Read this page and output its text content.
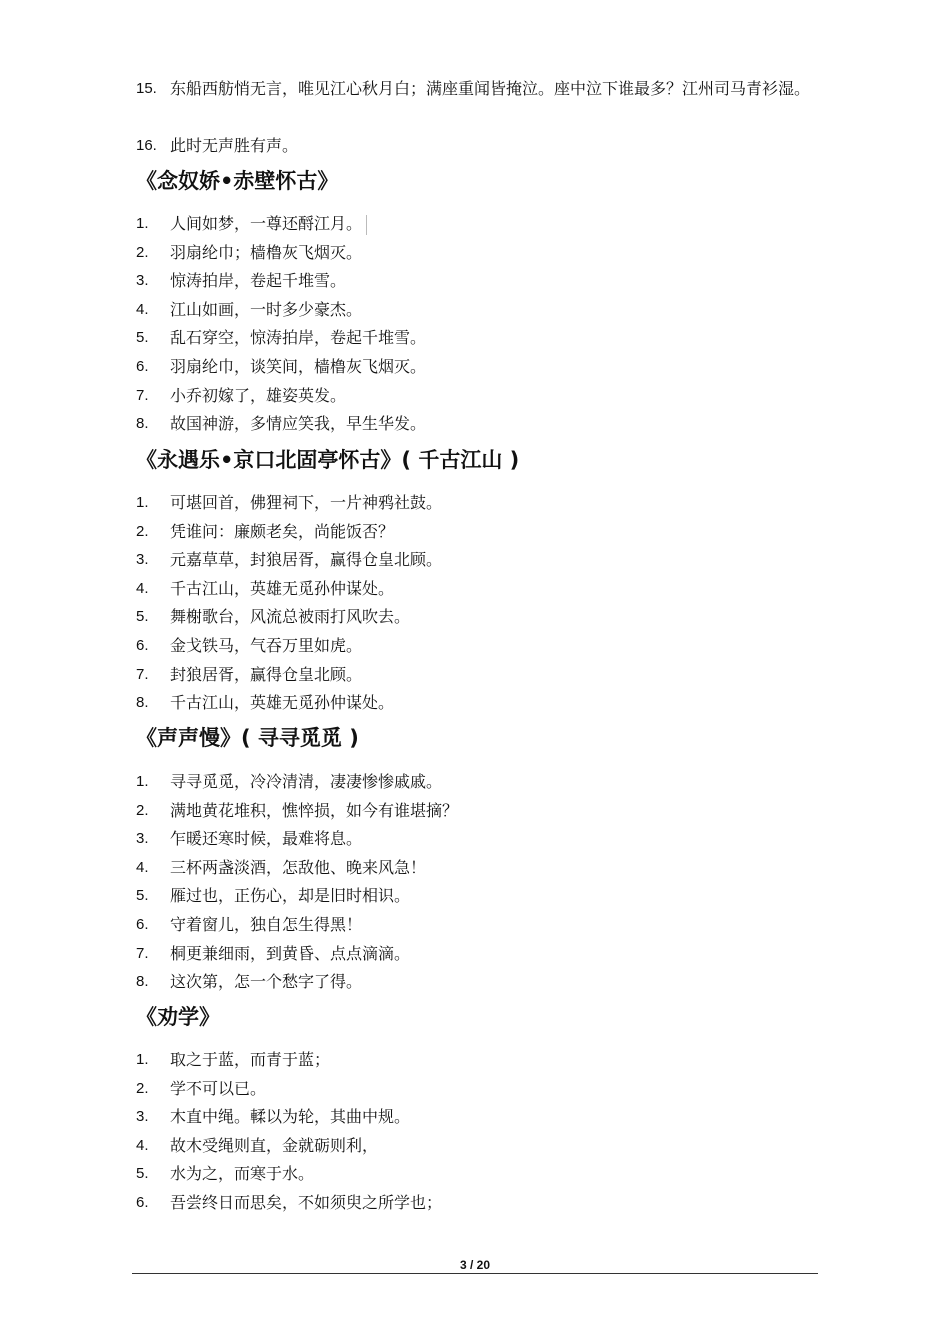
15. 东船西舫悄无言，唯见江心秋月白；满座重闻皆掩泣。座中泣下谁最多？江州司马青衫湿。
16. 此时无声胜有声。
《念奴娇•赤壁怀古》
1. 人间如梦，一尊还酹江月。
2. 羽扇纶巾；樯橹灰飞烟灭。
3. 惊涛拍岸，卷起千堆雪。
4. 江山如画，一时多少豪杰。
5. 乱石穿空，惊涛拍岸，卷起千堆雪。
6. 羽扇纶巾，谈笑间，樯橹灰飞烟灭。
7. 小乔初嫁了，雄姿英发。
8. 故国神游，多情应笑我，早生华发。
《永遇乐•京口北固亭怀古》( 千古江山 )
1. 可堪回首，佛狸祠下，一片神鸦社鼓。
2. 凭谁问：廉颇老矣，尚能饭否？
3. 元嘉草草，封狼居胥，赢得仓皇北顾。
4. 千古江山，英雄无觅孙仲谋处。
5. 舞榭歌台，风流总被雨打风吹去。
6. 金戈铁马，气吞万里如虎。
7. 封狼居胥，赢得仓皇北顾。
8. 千古江山，英雄无觅孙仲谋处。
《声声慢》( 寻寻觅觅 )
1. 寻寻觅觅，冷冷清清，凄凄惨惨戚戚。
2. 满地黄花堆积，憔悴损，如今有谁堪摘？
3. 乍暖还寒时候，最难将息。
4. 三杯两盏淡酒，怎敌他、晚来风急！
5. 雁过也，正伤心，却是旧时相识。
6. 守着窗儿，独自怎生得黑！
7. 桐更兼细雨，到黄昏、点点滴滴。
8. 这次第，怎一个愁字了得。
《劝学》
1. 取之于蓝，而青于蓝；
2. 学不可以已。
3. 木直中绳。輮以为轮，其曲中规。
4. 故木受绳则直，金就砺则利，
5. 水为之，而寒于水。
6. 吾尝终日而思矣，不如须臾之所学也；
3 / 20
